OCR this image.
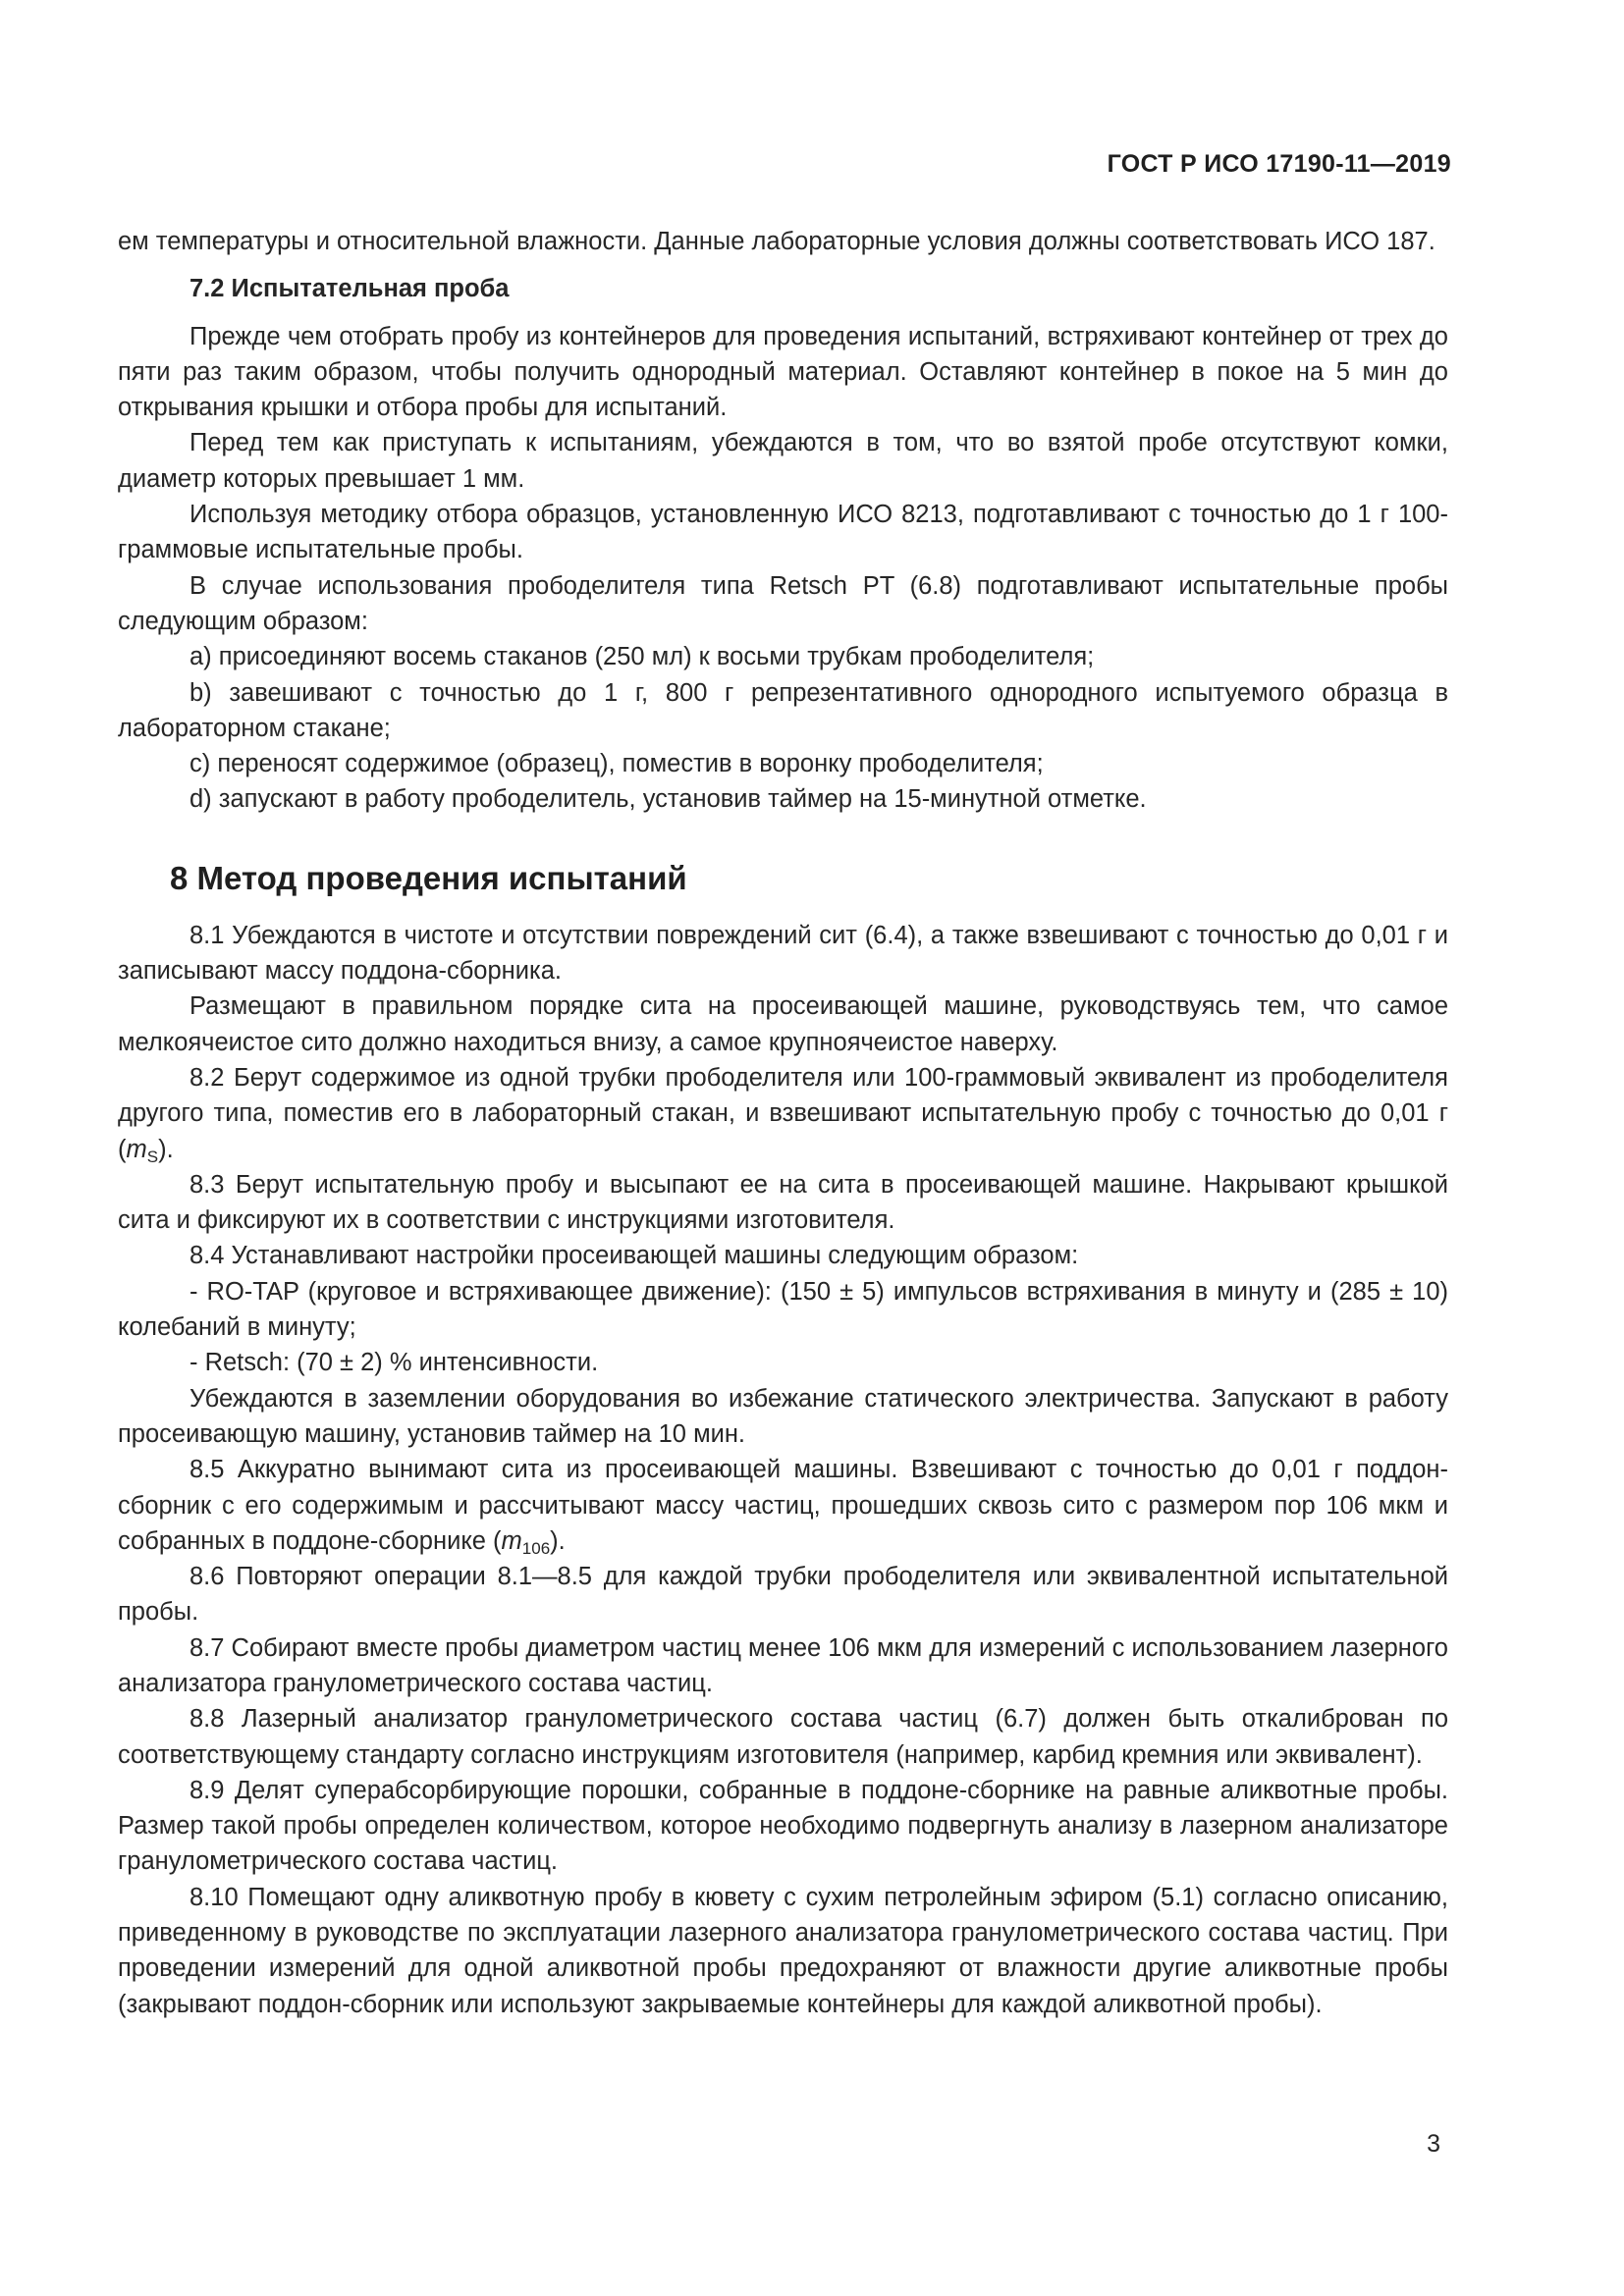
ГОСТ Р ИСО 17190-11—2019

ем температуры и относительной влажности. Данные лабораторные условия должны соответствовать ИСО 187.

7.2 Испытательная проба

Прежде чем отобрать пробу из контейнеров для проведения испытаний, встряхивают контейнер от трех до пяти раз таким образом, чтобы получить однородный материал. Оставляют контейнер в покое на 5 мин до открывания крышки и отбора пробы для испытаний.

Перед тем как приступать к испытаниям, убеждаются в том, что во взятой пробе отсутствуют комки, диаметр которых превышает 1 мм.

Используя методику отбора образцов, установленную ИСО 8213, подготавливают с точностью до 1 г 100-граммовые испытательные пробы.

В случае использования прободелителя типа Retsch PT (6.8) подготавливают испытательные пробы следующим образом:

а) присоединяют восемь стаканов (250 мл) к восьми трубкам прободелителя;

b) завешивают с точностью до 1 г, 800 г репрезентативного однородного испытуемого образца в лабораторном стакане;

с) переносят содержимое (образец), поместив в воронку прободелителя;

d) запускают в работу прободелитель, установив таймер на 15-минутной отметке.

8 Метод проведения испытаний

8.1 Убеждаются в чистоте и отсутствии повреждений сит (6.4), а также взвешивают с точностью до 0,01 г и записывают массу поддона-сборника.

Размещают в правильном порядке сита на просеивающей машине, руководствуясь тем, что самое мелкоячеистое сито должно находиться внизу, а самое крупноячеистое наверху.

8.2 Берут содержимое из одной трубки прободелителя или 100-граммовый эквивалент из прободелителя другого типа, поместив его в лабораторный стакан, и взвешивают испытательную пробу с точностью до 0,01 г $(m_S)$.

8.3 Берут испытательную пробу и высыпают ее на сита в просеивающей машине. Накрывают крышкой сита и фиксируют их в соответствии с инструкциями изготовителя.

8.4 Устанавливают настройки просеивающей машины следующим образом:

- RO-TAP (круговое и встряхивающее движение): (150 ± 5) импульсов встряхивания в минуту и (285 ± 10) колебаний в минуту;

- Retsch: (70 ± 2) % интенсивности.

Убеждаются в заземлении оборудования во избежание статического электричества. Запускают в работу просеивающую машину, установив таймер на 10 мин.

8.5 Аккуратно вынимают сита из просеивающей машины. Взвешивают с точностью до 0,01 г поддон-сборник с его содержимым и рассчитывают массу частиц, прошедших сквозь сито с размером пор 106 мкм и собранных в поддоне-сборнике $(m_{106})$.

8.6 Повторяют операции 8.1—8.5 для каждой трубки прободелителя или эквивалентной испытательной пробы.

8.7 Собирают вместе пробы диаметром частиц менее 106 мкм для измерений с использованием лазерного анализатора гранулометрического состава частиц.

8.8 Лазерный анализатор гранулометрического состава частиц (6.7) должен быть откалиброван по соответствующему стандарту согласно инструкциям изготовителя (например, карбид кремния или эквивалент).

8.9 Делят суперабсорбирующие порошки, собранные в поддоне-сборнике на равные аликвотные пробы. Размер такой пробы определен количеством, которое необходимо подвергнуть анализу в лазерном анализаторе гранулометрического состава частиц.

8.10 Помещают одну аликвотную пробу в кювету с сухим петролейным эфиром (5.1) согласно описанию, приведенному в руководстве по эксплуатации лазерного анализатора гранулометрического состава частиц. При проведении измерений для одной аликвотной пробы предохраняют от влажности другие аликвотные пробы (закрывают поддон-сборник или используют закрываемые контейнеры для каждой аликвотной пробы).

3
